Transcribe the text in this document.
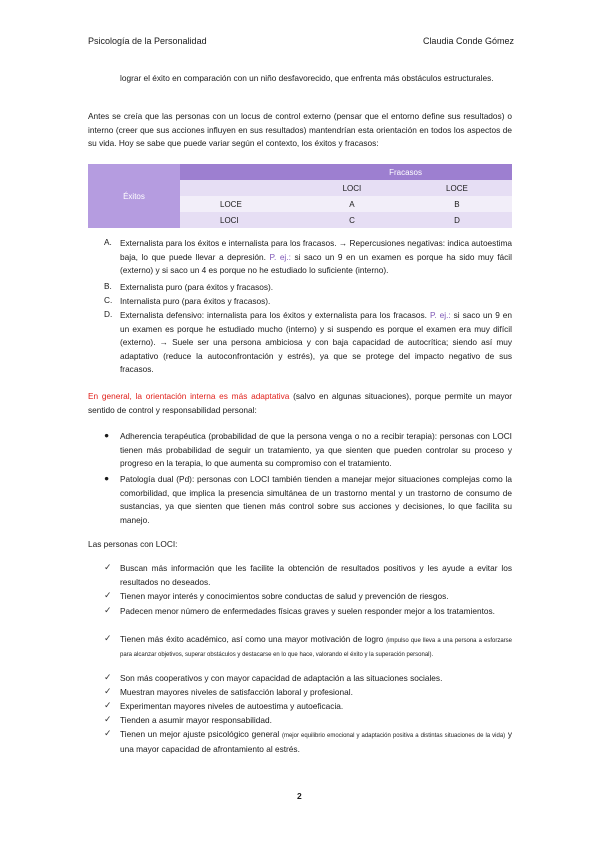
Psicología de la Personalidad	Claudia Conde Gómez
lograr el éxito en comparación con un niño desfavorecido, que enfrenta más obstáculos estructurales.
Antes se creía que las personas con un locus de control externo (pensar que el entorno define sus resultados) o interno (creer que sus acciones influyen en sus resultados) mantendrían esta orientación en todos los aspectos de su vida. Hoy se sabe que puede variar según el contexto, los éxitos y fracasos:
Éxitos	Fracasos		
		LOCI	LOCE
	LOCE	A	B
	LOCI	C	D
A. Externalista para los éxitos e internalista para los fracasos. → Repercusiones negativas: indica autoestima baja, lo que puede llevar a depresión. P. ej.: si saco un 9 en un examen es porque ha sido muy fácil (externo) y si saco un 4 es porque no he estudiado lo suficiente (interno).
B. Externalista puro (para éxitos y fracasos).
C. Internalista puro (para éxitos y fracasos).
D. Externalista defensivo: internalista para los éxitos y externalista para los fracasos. P. ej.: si saco un 9 en un examen es porque he estudiado mucho (interno) y si suspendo es porque el examen era muy difícil (externo). → Suele ser una persona ambiciosa y con baja capacidad de autocrítica; siendo así muy adaptativo (reduce la autoconfrontación y estrés), ya que se protege del impacto negativo de sus fracasos.
En general, la orientación interna es más adaptativa (salvo en algunas situaciones), porque permite un mayor sentido de control y responsabilidad personal:
● Adherencia terapéutica (probabilidad de que la persona venga o no a recibir terapia): personas con LOCI tienen más probabilidad de seguir un tratamiento, ya que sienten que pueden controlar su proceso y progreso en la terapia, lo que aumenta su compromiso con el tratamiento.
● Patología dual (Pd): personas con LOCI también tienden a manejar mejor situaciones complejas como la comorbilidad, que implica la presencia simultánea de un trastorno mental y un trastorno de consumo de sustancias, ya que sienten que tienen más control sobre sus acciones y decisiones, lo que facilita su manejo.
Las personas con LOCI:
✓ Buscan más información que les facilite la obtención de resultados positivos y les ayude a evitar los resultados no deseados.
✓ Tienen mayor interés y conocimientos sobre conductas de salud y prevención de riesgos.
✓ Padecen menor número de enfermedades físicas graves y suelen responder mejor a los tratamientos.
✓ Tienen más éxito académico, así como una mayor motivación de logro (impulso que lleva a una persona a esforzarse para alcanzar objetivos, superar obstáculos y destacarse en lo que hace, valorando el éxito y la superación personal).
✓ Son más cooperativos y con mayor capacidad de adaptación a las situaciones sociales.
✓ Muestran mayores niveles de satisfacción laboral y profesional.
✓ Experimentan mayores niveles de autoestima y autoeficacia.
✓ Tienden a asumir mayor responsabilidad.
✓ Tienen un mejor ajuste psicológico general (mejor equilibrio emocional y adaptación positiva a distintas situaciones de la vida) y una mayor capacidad de afrontamiento al estrés.
2
